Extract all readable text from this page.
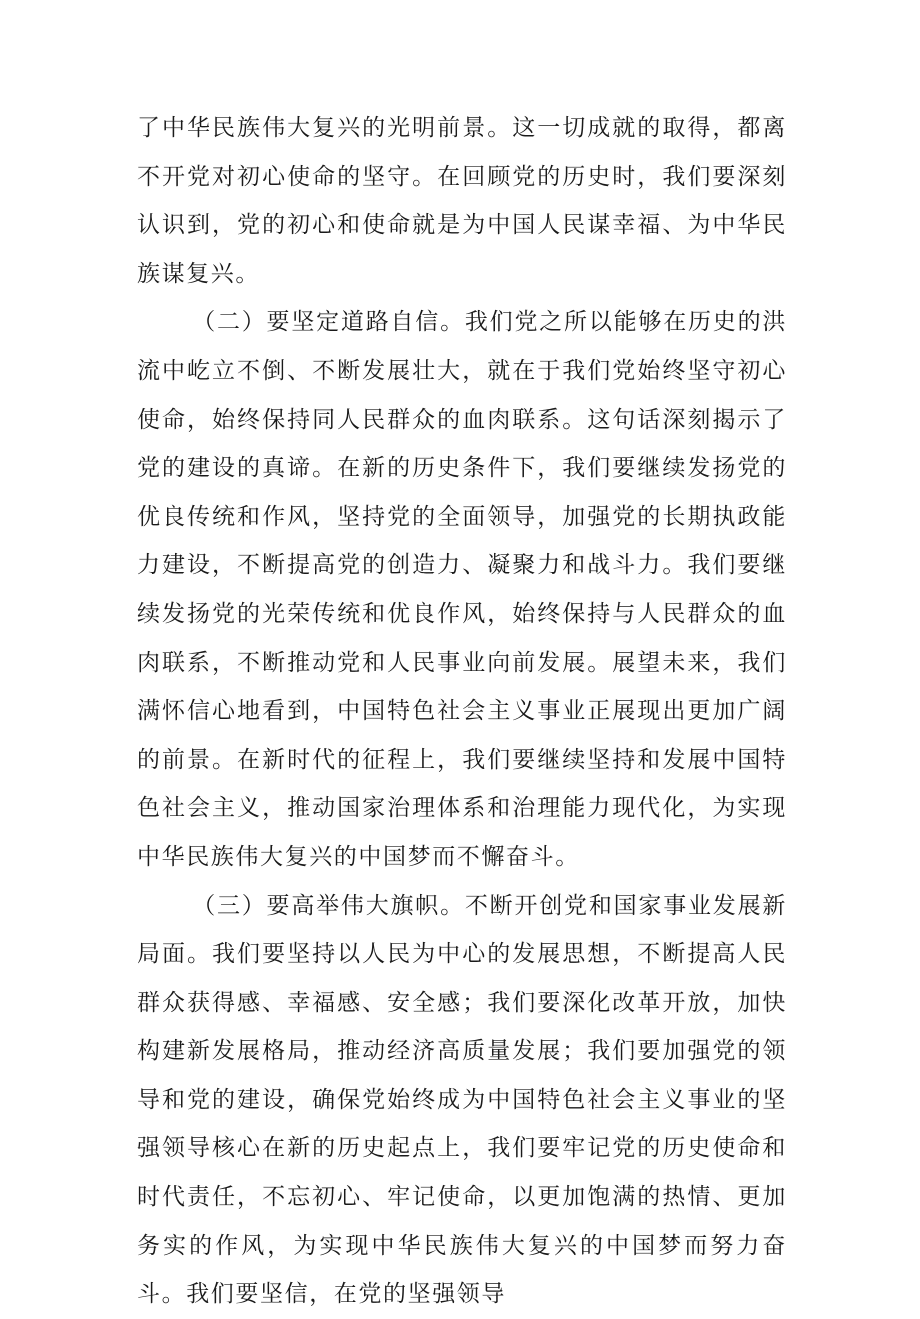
了中华民族伟大复兴的光明前景。这一切成就的取得，都离不开党对初心使命的坚守。在回顾党的历史时，我们要深刻认识到，党的初心和使命就是为中国人民谋幸福、为中华民族谋复兴。

（二）要坚定道路自信。我们党之所以能够在历史的洪流中屹立不倒、不断发展壮大，就在于我们党始终坚守初心使命，始终保持同人民群众的血肉联系。这句话深刻揭示了党的建设的真谛。在新的历史条件下，我们要继续发扬党的优良传统和作风，坚持党的全面领导，加强党的长期执政能力建设，不断提高党的创造力、凝聚力和战斗力。我们要继续发扬党的光荣传统和优良作风，始终保持与人民群众的血肉联系，不断推动党和人民事业向前发展。展望未来，我们满怀信心地看到，中国特色社会主义事业正展现出更加广阔的前景。在新时代的征程上，我们要继续坚持和发展中国特色社会主义，推动国家治理体系和治理能力现代化，为实现中华民族伟大复兴的中国梦而不懈奋斗。

（三）要高举伟大旗帜。不断开创党和国家事业发展新局面。我们要坚持以人民为中心的发展思想，不断提高人民群众获得感、幸福感、安全感；我们要深化改革开放，加快构建新发展格局，推动经济高质量发展；我们要加强党的领导和党的建设，确保党始终成为中国特色社会主义事业的坚强领导核心在新的历史起点上，我们要牢记党的历史使命和时代责任，不忘初心、牢记使命，以更加饱满的热情、更加务实的作风，为实现中华民族伟大复兴的中国梦而努力奋斗。我们要坚信，在党的坚强领导
